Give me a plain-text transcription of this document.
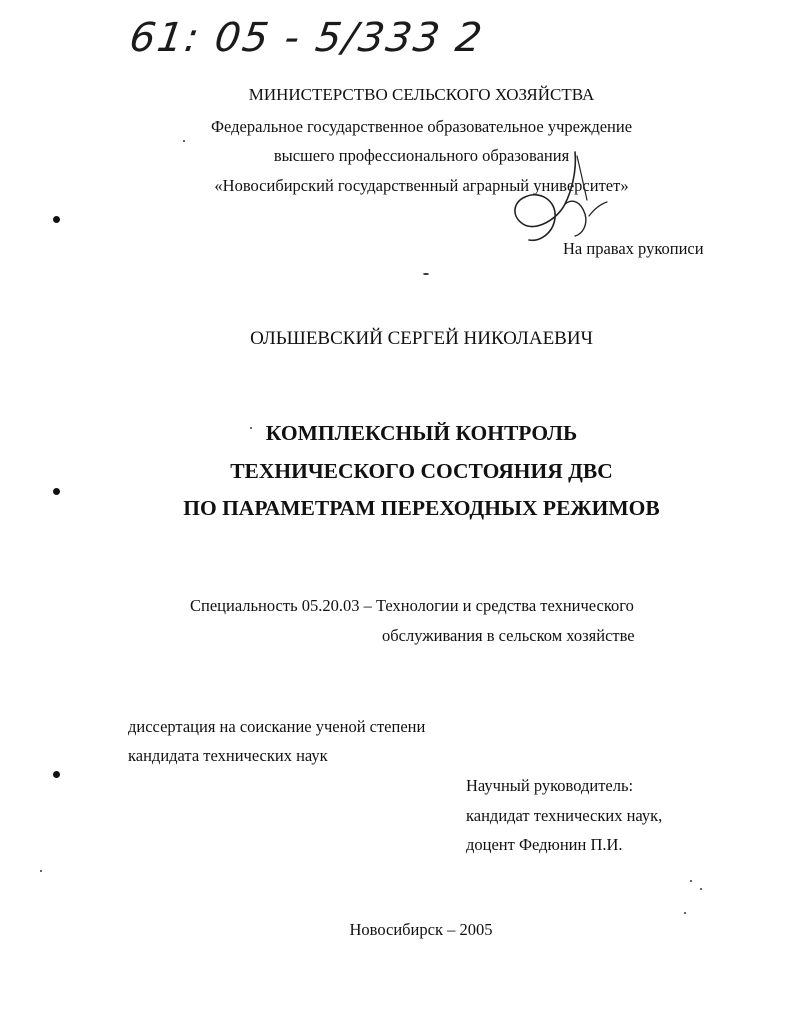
61: 05 - 5/333 2
МИНИСТЕРСТВО СЕЛЬСКОГО ХОЗЯЙСТВА
Федеральное государственное образовательное учреждение
высшего профессионального образования
«Новосибирский государственный аграрный университет»
На правах рукописи
ОЛЬШЕВСКИЙ СЕРГЕЙ НИКОЛАЕВИЧ
КОМПЛЕКСНЫЙ КОНТРОЛЬ
ТЕХНИЧЕСКОГО СОСТОЯНИЯ ДВС
ПО ПАРАМЕТРАМ ПЕРЕХОДНЫХ РЕЖИМОВ
Специальность 05.20.03 – Технологии и средства технического
обслуживания в сельском хозяйстве
диссертация на соискание ученой степени
кандидата технических наук
Научный руководитель:
кандидат технических наук,
доцент Федюнин П.И.
Новосибирск – 2005
